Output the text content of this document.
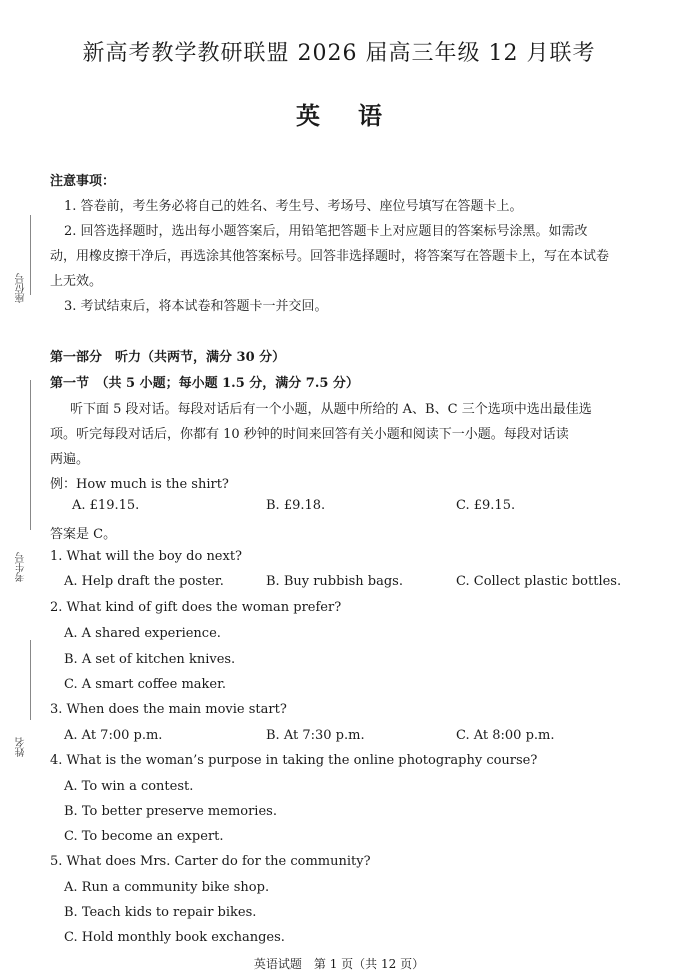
新高考教学教研联盟 2026 届高三年级 12 月联考
英语
座位号
考生号
姓名
注意事项：
1. 答卷前，考生务必将自己的姓名、考生号、考场号、座位号填写在答题卡上。
2. 回答选择题时，选出每小题答案后，用铅笔把答题卡上对应题目的答案标号涂黑。如需改
动，用橡皮擦干净后，再选涂其他答案标号。回答非选择题时，将答案写在答题卡上，写在本试卷
上无效。
3. 考试结束后，将本试卷和答题卡一并交回。
第一部分　听力（共两节，满分 30 分）
第一节　（共 5 小题；每小题 1.5 分，满分 7.5 分）
听下面 5 段对话。每段对话后有一个小题，从题中所给的 A、B、C 三个选项中选出最佳选
项。听完每段对话后，你都有 10 秒钟的时间来回答有关小题和阅读下一小题。每段对话读
两遍。
例：How much is the shirt?
A. £19.15.	B. £9.18.	C. £9.15.
答案是 C。
1. What will the boy do next?
A. Help draft the poster.	B. Buy rubbish bags.	C. Collect plastic bottles.
2. What kind of gift does the woman prefer?
A. A shared experience.
B. A set of kitchen knives.
C. A smart coffee maker.
3. When does the main movie start?
A. At 7:00 p.m.	B. At 7:30 p.m.	C. At 8:00 p.m.
4. What is the woman’s purpose in taking the online photography course?
A. To win a contest.
B. To better preserve memories.
C. To become an expert.
5. What does Mrs. Carter do for the community?
A. Run a community bike shop.
B. Teach kids to repair bikes.
C. Hold monthly book exchanges.
英语试题　第 1 页（共 12 页）
